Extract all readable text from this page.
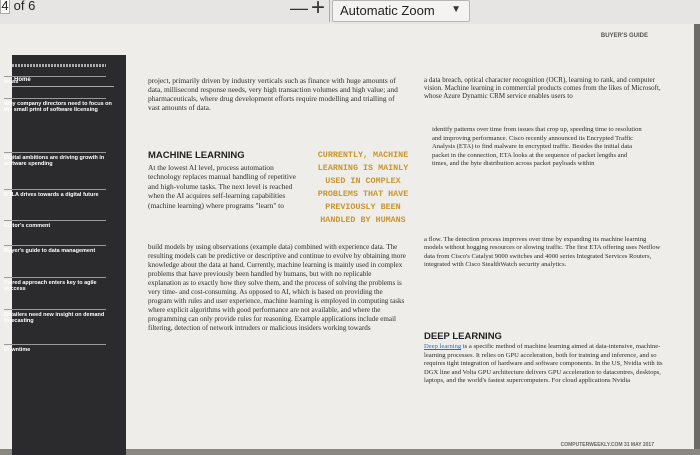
4 of 6	— + Automatic Zoom ▼
BUYER'S GUIDE
Home
News
Why company directors need to focus on the small print of software licensing
Digital ambitions are driving growth in software spending
DVLA drives towards a digital future
Editor's comment
Buyer's guide to data management
Paired approach enters key to agile success
Retailers need new insight on demand forecasting
Downtime
project, primarily driven by industry verticals such as finance with huge amounts of data, millisecond response needs, very high transaction volumes and high value; and pharmaceuticals, where drug development efforts require modelling and trialling of vast amounts of data.

MACHINE LEARNING

At the lowest AI level, process automation technology replaces manual handling of repetitive and high-volume tasks. The next level is reached when the AI acquires self-learning capabilities (machine learning) where programs "learn" to

build models by using observations (example data) combined with experience data. The resulting models can be predictive or descriptive and continue to evolve by obtaining more knowledge about the data at hand. Currently, machine learning is mainly used in complex problems that have previously been handled by humans, but with no replicable explanation as to exactly how they solve them, and the process of solving the problems is very time- and cost-consuming. As opposed to AI, which is based on providing the program with rules and user experience, machine learning is employed in computing tasks where explicit algorithms with good performance are not available, and where the programming can only provide rules for reasoning. Example applications include email filtering, detection of network intruders or malicious insiders working towards
CURRENTLY, MACHINE LEARNING IS MAINLY USED IN COMPLEX PROBLEMS THAT HAVE PREVIOUSLY BEEN HANDLED BY HUMANS
a data breach, optical character recognition (OCR), learning to rank, and computer vision. Machine learning in commercial products comes from the likes of Microsoft, whose Azure Dynamic CRM service enables users to
identify patterns over time from issues that crop up, speeding time to resolution and improving performance. Cisco recently announced its Encrypted Traffic Analysis (ETA) to find malware in encrypted traffic. Besides the initial data packet in the connection, ETA looks at the sequence of packet lengths and times, and the byte distribution across packet payloads within
a flow. The detection process improves over time by expanding its machine learning models without hogging resources or slowing traffic. The first ETA offering uses Netflow data from Cisco's Catalyst 9000 switches and 4000 series Integrated Services Routers, integrated with Cisco StealthWatch security analytics.

DEEP LEARNING

Deep learning is a specific method of machine learning aimed at data-intensive, machine-learning processes. It relies on GPU acceleration, both for training and inference, and so requires tight integration of hardware and software components. In the US, Nvidia with its DGX line and Volta GPU architecture delivers GPU acceleration to datacentres, desktops, laptops, and the world's fastest supercomputers. For cloud applications Nvidia

COMPUTERWEEKLY.COM 31 MAY 2017
